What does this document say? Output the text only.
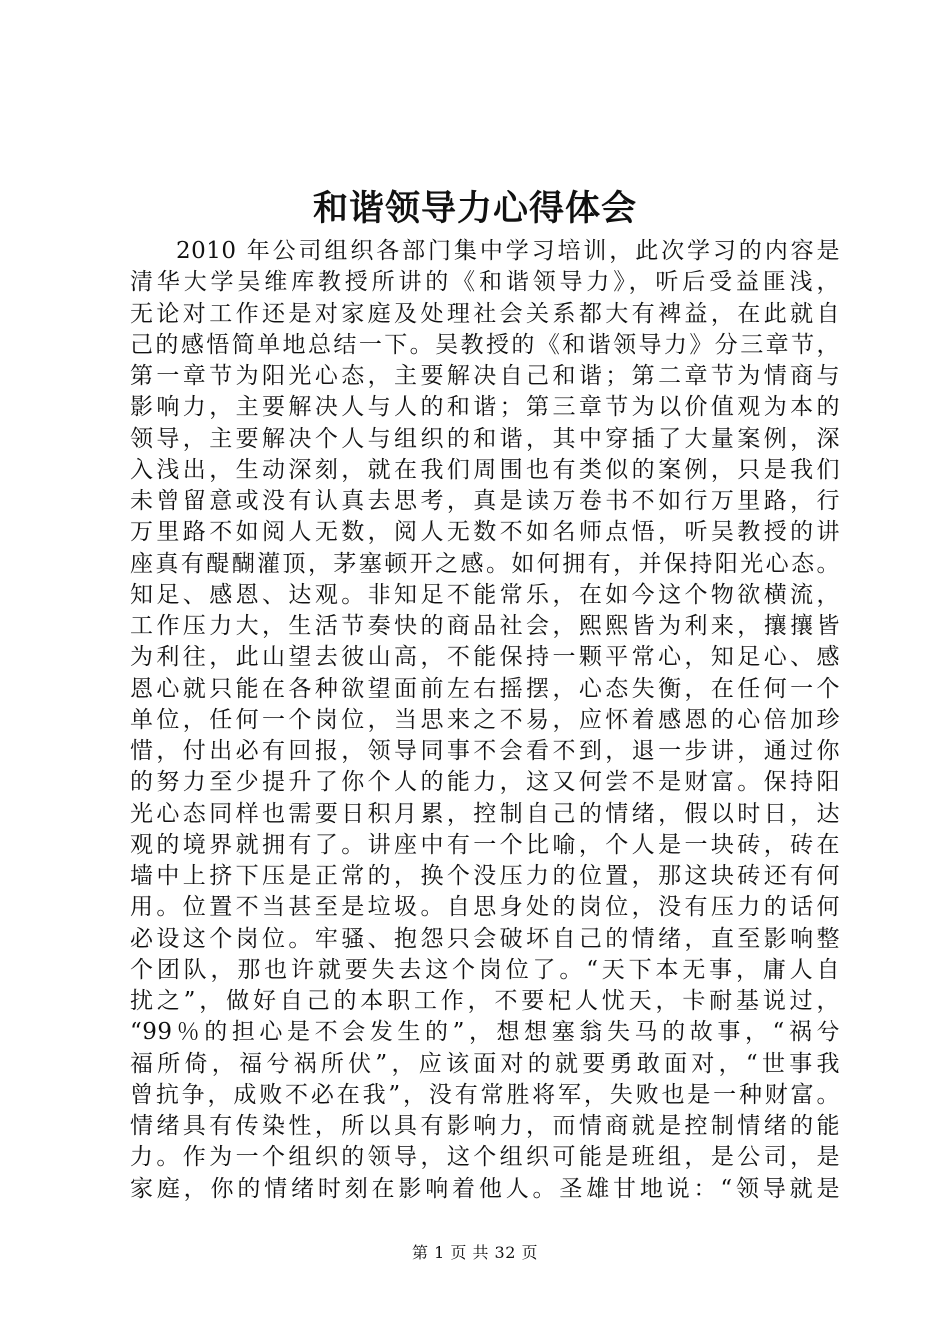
和谐领导力心得体会
2010 年公司组织各部门集中学习培训，此次学习的内容是
清华大学吴维库教授所讲的《和谐领导力》，听后受益匪浅，
无论对工作还是对家庭及处理社会关系都大有裨益，在此就自
己的感悟简单地总结一下。吴教授的《和谐领导力》分三章节，
第一章节为阳光心态，主要解决自己和谐；第二章节为情商与
影响力，主要解决人与人的和谐；第三章节为以价值观为本的
领导，主要解决个人与组织的和谐，其中穿插了大量案例，深
入浅出，生动深刻，就在我们周围也有类似的案例，只是我们
未曾留意或没有认真去思考，真是读万卷书不如行万里路，行
万里路不如阅人无数，阅人无数不如名师点悟，听吴教授的讲
座真有醍醐灌顶，茅塞顿开之感。如何拥有，并保持阳光心态。
知足、感恩、达观。非知足不能常乐，在如今这个物欲横流，
工作压力大，生活节奏快的商品社会，熙熙皆为利来，攘攘皆
为利往，此山望去彼山高，不能保持一颗平常心，知足心、感
恩心就只能在各种欲望面前左右摇摆，心态失衡，在任何一个
单位，任何一个岗位，当思来之不易，应怀着感恩的心倍加珍
惜，付出必有回报，领导同事不会看不到，退一步讲，通过你
的努力至少提升了你个人的能力，这又何尝不是财富。保持阳
光心态同样也需要日积月累，控制自己的情绪，假以时日，达
观的境界就拥有了。讲座中有一个比喻，个人是一块砖，砖在
墙中上挤下压是正常的，换个没压力的位置，那这块砖还有何
用。位置不当甚至是垃圾。自思身处的岗位，没有压力的话何
必设这个岗位。牢骚、抱怨只会破坏自己的情绪，直至影响整
个团队，那也许就要失去这个岗位了。“天下本无事，庸人自
扰之”，做好自己的本职工作，不要杞人忧天，卡耐基说过，
“99％的担心是不会发生的”，想想塞翁失马的故事，“祸兮
福所倚，福兮祸所伏”，应该面对的就要勇敢面对，“世事我
曾抗争，成败不必在我”，没有常胜将军，失败也是一种财富。
情绪具有传染性，所以具有影响力，而情商就是控制情绪的能
力。作为一个组织的领导，这个组织可能是班组，是公司，是
家庭，你的情绪时刻在影响着他人。圣雄甘地说：“领导就是
第 1 页 共 32 页
